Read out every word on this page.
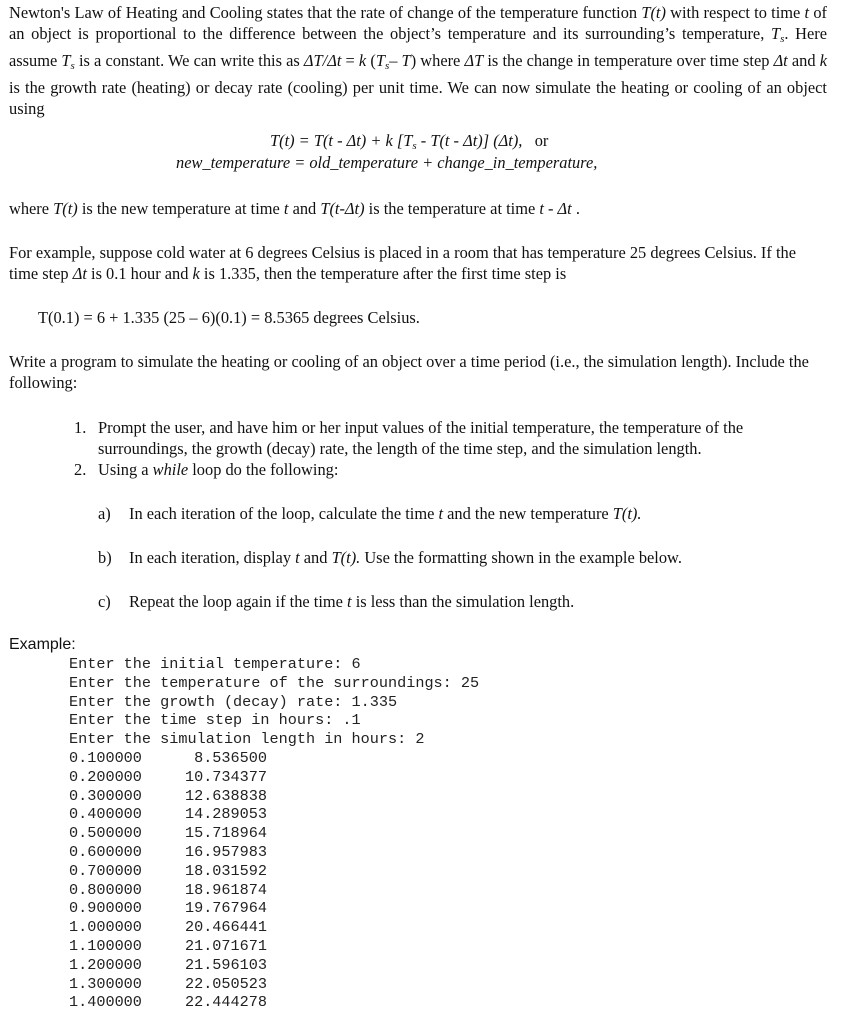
Newton's Law of Heating and Cooling states that the rate of change of the temperature function T(t) with respect to time t of an object is proportional to the difference between the object’s temperature and its surrounding’s temperature, $T_s$. Here assume $T_s$ is a constant. We can write this as ΔT/Δt = k ($T_s-$ T) where ΔT is the change in temperature over time step Δt and k is the growth rate (heating) or decay rate (cooling) per unit time. We can now simulate the heating or cooling of an object using
T(t) = T(t - Δt) + k $[T_s - T(t - \Delta t)]$ (Δt), or
new_temperature = old_temperature + change_in_temperature,
where T(t) is the new temperature at time t and T(t-Δt) is the temperature at time t - Δt .
For example, suppose cold water at 6 degrees Celsius is placed in a room that has temperature 25 degrees Celsius. If the time step Δt is 0.1 hour and k is 1.335, then the temperature after the first time step is
T(0.1) = 6 + 1.335 (25 – 6)(0.1) = 8.5365 degrees Celsius.
Write a program to simulate the heating or cooling of an object over a time period (i.e., the simulation length). Include the following:
1. Prompt the user, and have him or her input values of the initial temperature, the temperature of the surroundings, the growth (decay) rate, the length of the time step, and the simulation length.
2. Using a while loop do the following:
a) In each iteration of the loop, calculate the time t and the new temperature T(t).
b) In each iteration, display t and T(t). Use the formatting shown in the example below.
c) Repeat the loop again if the time t is less than the simulation length.
Example:
Enter the initial temperature: 6
Enter the temperature of the surroundings: 25
Enter the growth (decay) rate: 1.335
Enter the time step in hours: .1
Enter the simulation length in hours: 2
0.100000	8.536500
0.200000	10.734377
0.300000	12.638838
0.400000	14.289053
0.500000	15.718964
0.600000	16.957983
0.700000	18.031592
0.800000	18.961874
0.900000	19.767964
1.000000	20.466441
1.100000	21.071671
1.200000	21.596103
1.300000	22.050523
1.400000	22.444278
